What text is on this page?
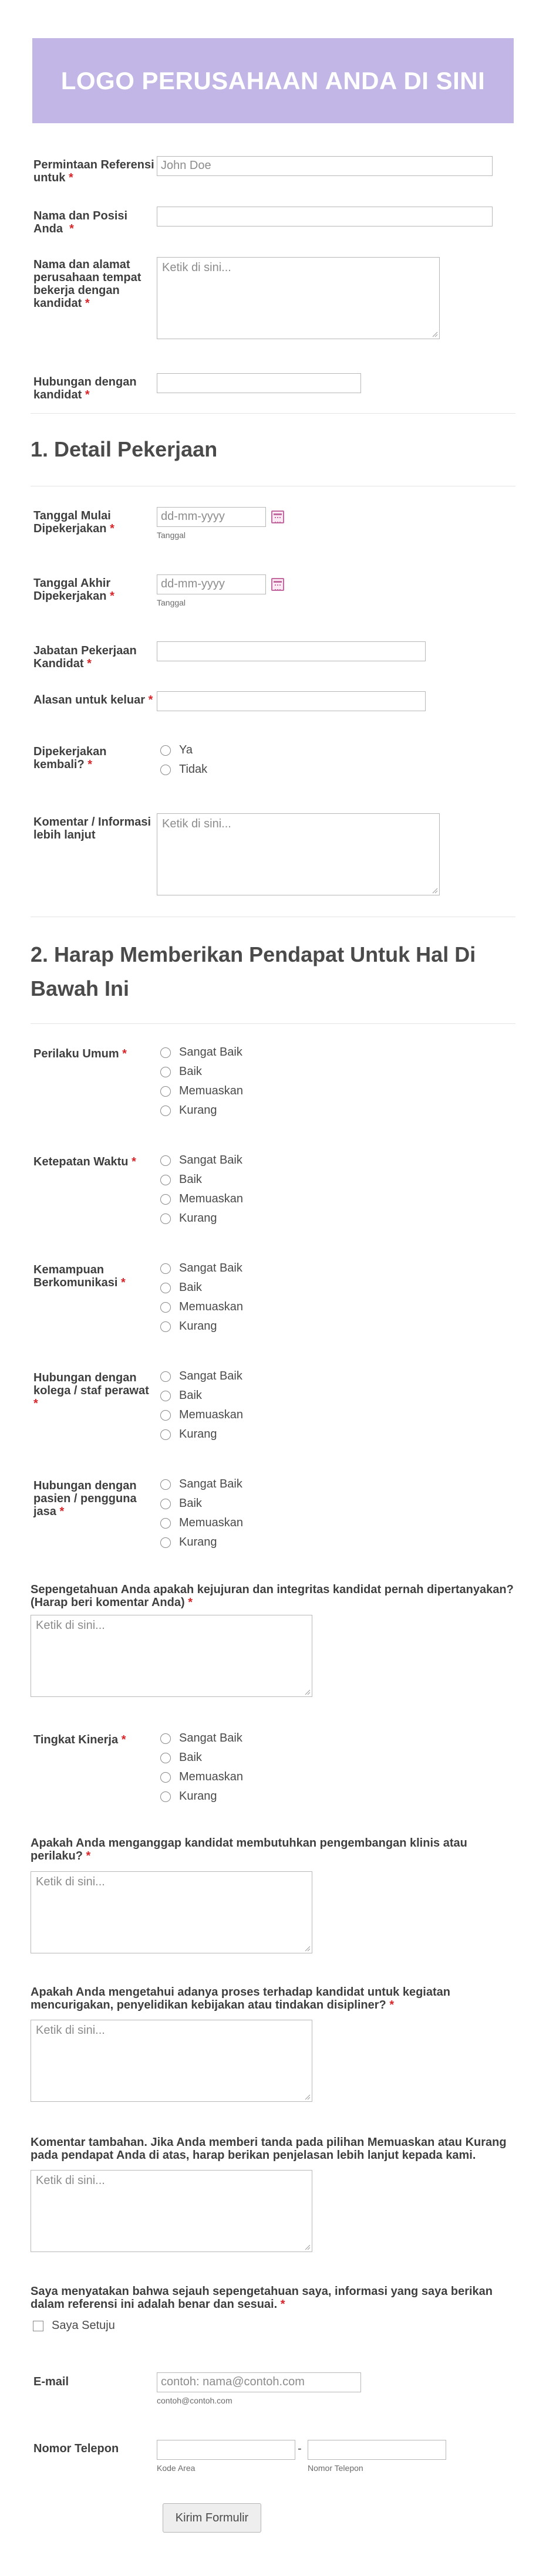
LOGO PERUSAHAAN ANDA DI SINI
Permintaan Referensi untuk *
John Doe
Nama dan Posisi Anda *
Nama dan alamat perusahaan tempat bekerja dengan kandidat *
Ketik di sini...
Hubungan dengan kandidat *
1. Detail Pekerjaan
Tanggal Mulai Dipekerjakan *
dd-mm-yyyy
Tanggal
Tanggal Akhir Dipekerjakan *
dd-mm-yyyy
Tanggal
Jabatan Pekerjaan Kandidat *
Alasan untuk keluar *
Dipekerjakan kembali? *
Ya
Tidak
Komentar / Informasi lebih lanjut
Ketik di sini...
2. Harap Memberikan Pendapat Untuk Hal Di Bawah Ini
Perilaku Umum *	Sangat Baik
Baik
Memuaskan
Kurang
Ketepatan Waktu *	Sangat Baik
Baik
Memuaskan
Kurang
Kemampuan Berkomunikasi *
Sangat Baik
Baik
Memuaskan
Kurang
Hubungan dengan kolega / staf perawat *
Sangat Baik
Baik
Memuaskan
Kurang
Hubungan dengan pasien / pengguna jasa *
Sangat Baik
Baik
Memuaskan
Kurang
Sepengetahuan Anda apakah kejujuran dan integritas kandidat pernah dipertanyakan? (Harap beri komentar Anda) *
Ketik di sini...
Tingkat Kinerja *	Sangat Baik
Baik
Memuaskan
Kurang
Apakah Anda menganggap kandidat membutuhkan pengembangan klinis atau perilaku? *
Ketik di sini...
Apakah Anda mengetahui adanya proses terhadap kandidat untuk kegiatan mencurigakan, penyelidikan kebijakan atau tindakan disipliner? *
Ketik di sini...
Komentar tambahan. Jika Anda memberi tanda pada pilihan Memuaskan atau Kurang pada pendapat Anda di atas, harap berikan penjelasan lebih lanjut kepada kami.
Ketik di sini...
Saya menyatakan bahwa sejauh sepengetahuan saya, informasi yang saya berikan dalam referensi ini adalah benar dan sesuai. *
Saya Setuju
E-mail	contoh: nama@contoh.com
contoh@contoh.com
Nomor Telepon	-
Kode Area	Nomor Telepon
Kirim Formulir
